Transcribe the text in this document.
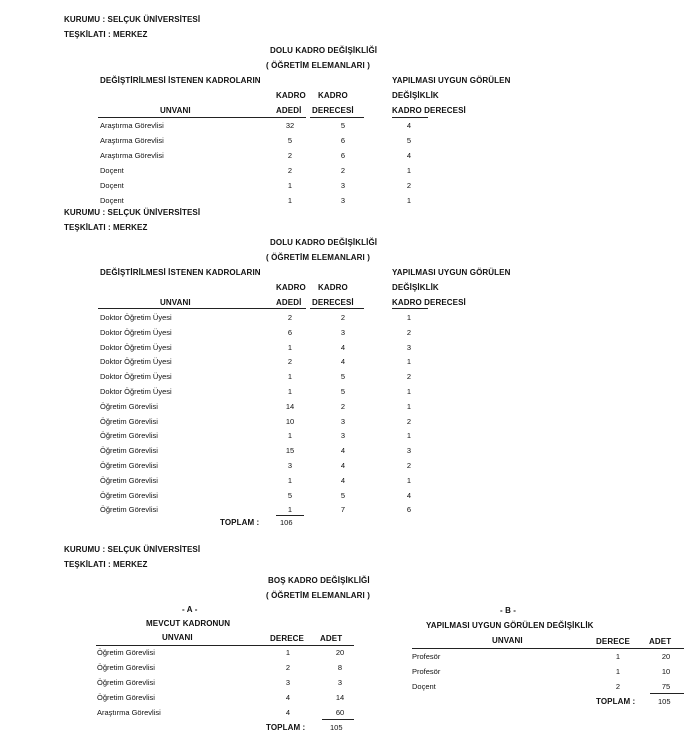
KURUMU : SELÇUK ÜNİVERSİTESİ
TEŞKİLATI : MERKEZ
DOLU KADRO DEĞİŞİKLİĞİ
( ÖĞRETİM ELEMANLARI )
DEĞİŞTİRİLMESİ İSTENEN KADROLARIN	YAPILMASI UYGUN GÖRÜLEN
DEĞİŞİKLİK
KADRO KADRO
UNVANI	ADEDİ DERECESİ	KADRO DERECESİ
Araştırma Görevlisi	32	5	4
Araştırma Görevlisi	5	6	5
Araştırma Görevlisi	2	6	4
Doçent	2	2	1
Doçent	1	3	2
Doçent	1	3	1
KURUMU : SELÇUK ÜNİVERSİTESİ
TEŞKİLATI : MERKEZ
DOLU KADRO DEĞİŞİKLİĞİ
( ÖĞRETİM ELEMANLARI )
DEĞİŞTİRİLMESİ İSTENEN KADROLARIN	YAPILMASI UYGUN GÖRÜLEN
DEĞİŞİKLİK
KADRO KADRO
UNVANI	ADEDİ DERECESİ	KADRO DERECESİ
Doktor Öğretim Üyesi	2	2	1
Doktor Öğretim Üyesi	6	3	2
Doktor Öğretim Üyesi	1	4	3
Doktor Öğretim Üyesi	2	4	1
Doktor Öğretim Üyesi	1	5	2
Doktor Öğretim Üyesi	1	5	1
Öğretim Görevlisi	14	2	1
Öğretim Görevlisi	10	3	2
Öğretim Görevlisi	1	3	1
Öğretim Görevlisi	15	4	3
Öğretim Görevlisi	3	4	2
Öğretim Görevlisi	1	4	1
Öğretim Görevlisi	5	5	4
Öğretim Görevlisi	1	7	6
TOPLAM :	106
KURUMU : SELÇUK ÜNİVERSİTESİ
TEŞKİLATI : MERKEZ
BOŞ KADRO DEĞİŞİKLİĞİ
( ÖĞRETİM ELEMANLARI )
- A -
MEVCUT KADRONUN
UNVANI	DERECE ADET
Öğretim Görevlisi	1	20
Öğretim Görevlisi	2	8
Öğretim Görevlisi	3	3
Öğretim Görevlisi	4	14
Araştırma Görevlisi	4	60
TOPLAM :	105
- B -
YAPILMASI UYGUN GÖRÜLEN DEĞİŞİKLİK
UNVANI	DERECE ADET
Profesör	1	20
Profesör	1	10
Doçent	2	75
TOPLAM :	105
